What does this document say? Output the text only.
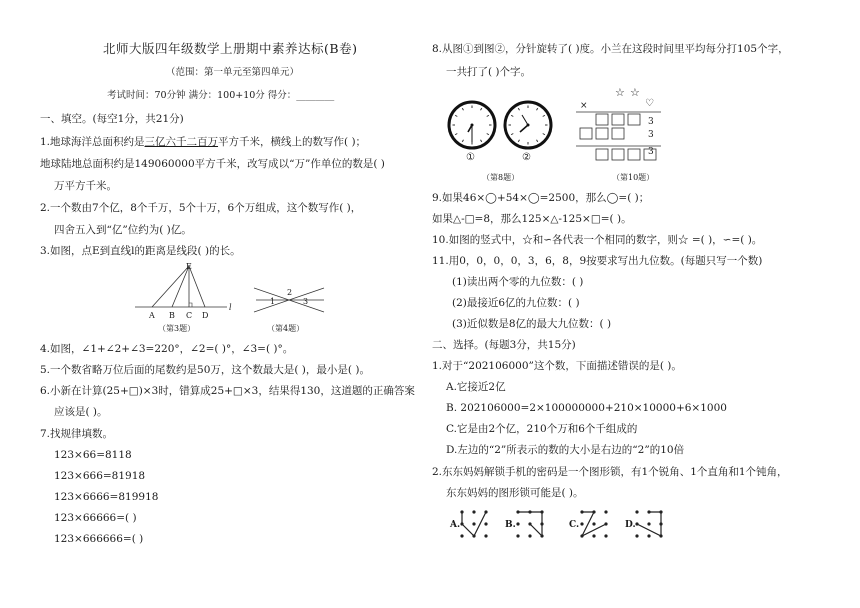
北师大版四年级数学上册期中素养达标(B卷)
（范围：第一单元至第四单元）
考试时间：70分钟 满分：100+10分 得分：________
一、填空。(每空1分，共21分)
1.地球海洋总面积约是三亿六千二百万平方千米，横线上的数写作( )；
地球陆地总面积约是149060000平方千米，改写成以“万”作单位的数是( )
万平方千米。
2.一个数由7个亿，8个千万，5个十万，6个万组成，这个数写作( )，
四舍五入到“亿”位约为( )亿。
3.如图，点E到直线l的距离是线段( )的长。
E
A B C D
l
（第3题）
1
2
3
（第4题）
4.如图，∠1+∠2+∠3=220°，∠2=( )°，∠3=( )°。
5.一个数省略万位后面的尾数约是50万，这个数最大是( )，最小是( )。
6.小新在计算(25+□)×3时，错算成25+□×3，结果得130，这道题的正确答案
应该是( )。
7.找规律填数。
123×66=8118
123×666=81918
123×6666=819918
123×66666=( )
123×666666=( )
8.从图①到图②，分针旋转了( )度。小兰在这段时间里平均每分打105个字，
一共打了( )个字。
①	②
（第8题）
☆ ☆
♡
×
3
3
3
（第10题）
9.如果46×◯+54×◯=2500，那么◯=( )；
如果△-□=8，那么125×△-125×□=( )。
10.如图的竖式中，☆和∽各代表一个相同的数字，则☆ =( )，∽=( )。
11.用0，0，0，0，3，6，8，9按要求写出九位数。(每题只写一个数)
(1)读出两个零的九位数：( )
(2)最接近6亿的九位数：( )
(3)近似数是8亿的最大九位数：( )
二、选择。(每题3分，共15分)
1.对于“202106000”这个数，下面描述错误的是( )。
A.它接近2亿
B. 202106000=2×100000000+210×10000+6×1000
C.它是由2个亿，210个万和6个千组成的
D.左边的“2”所表示的数的大小是右边的“2”的10倍
2.东东妈妈解锁手机的密码是一个图形锁，有1个锐角、1个直角和1个钝角，
东东妈妈的图形锁可能是( )。
A.	B.	C.	D.
